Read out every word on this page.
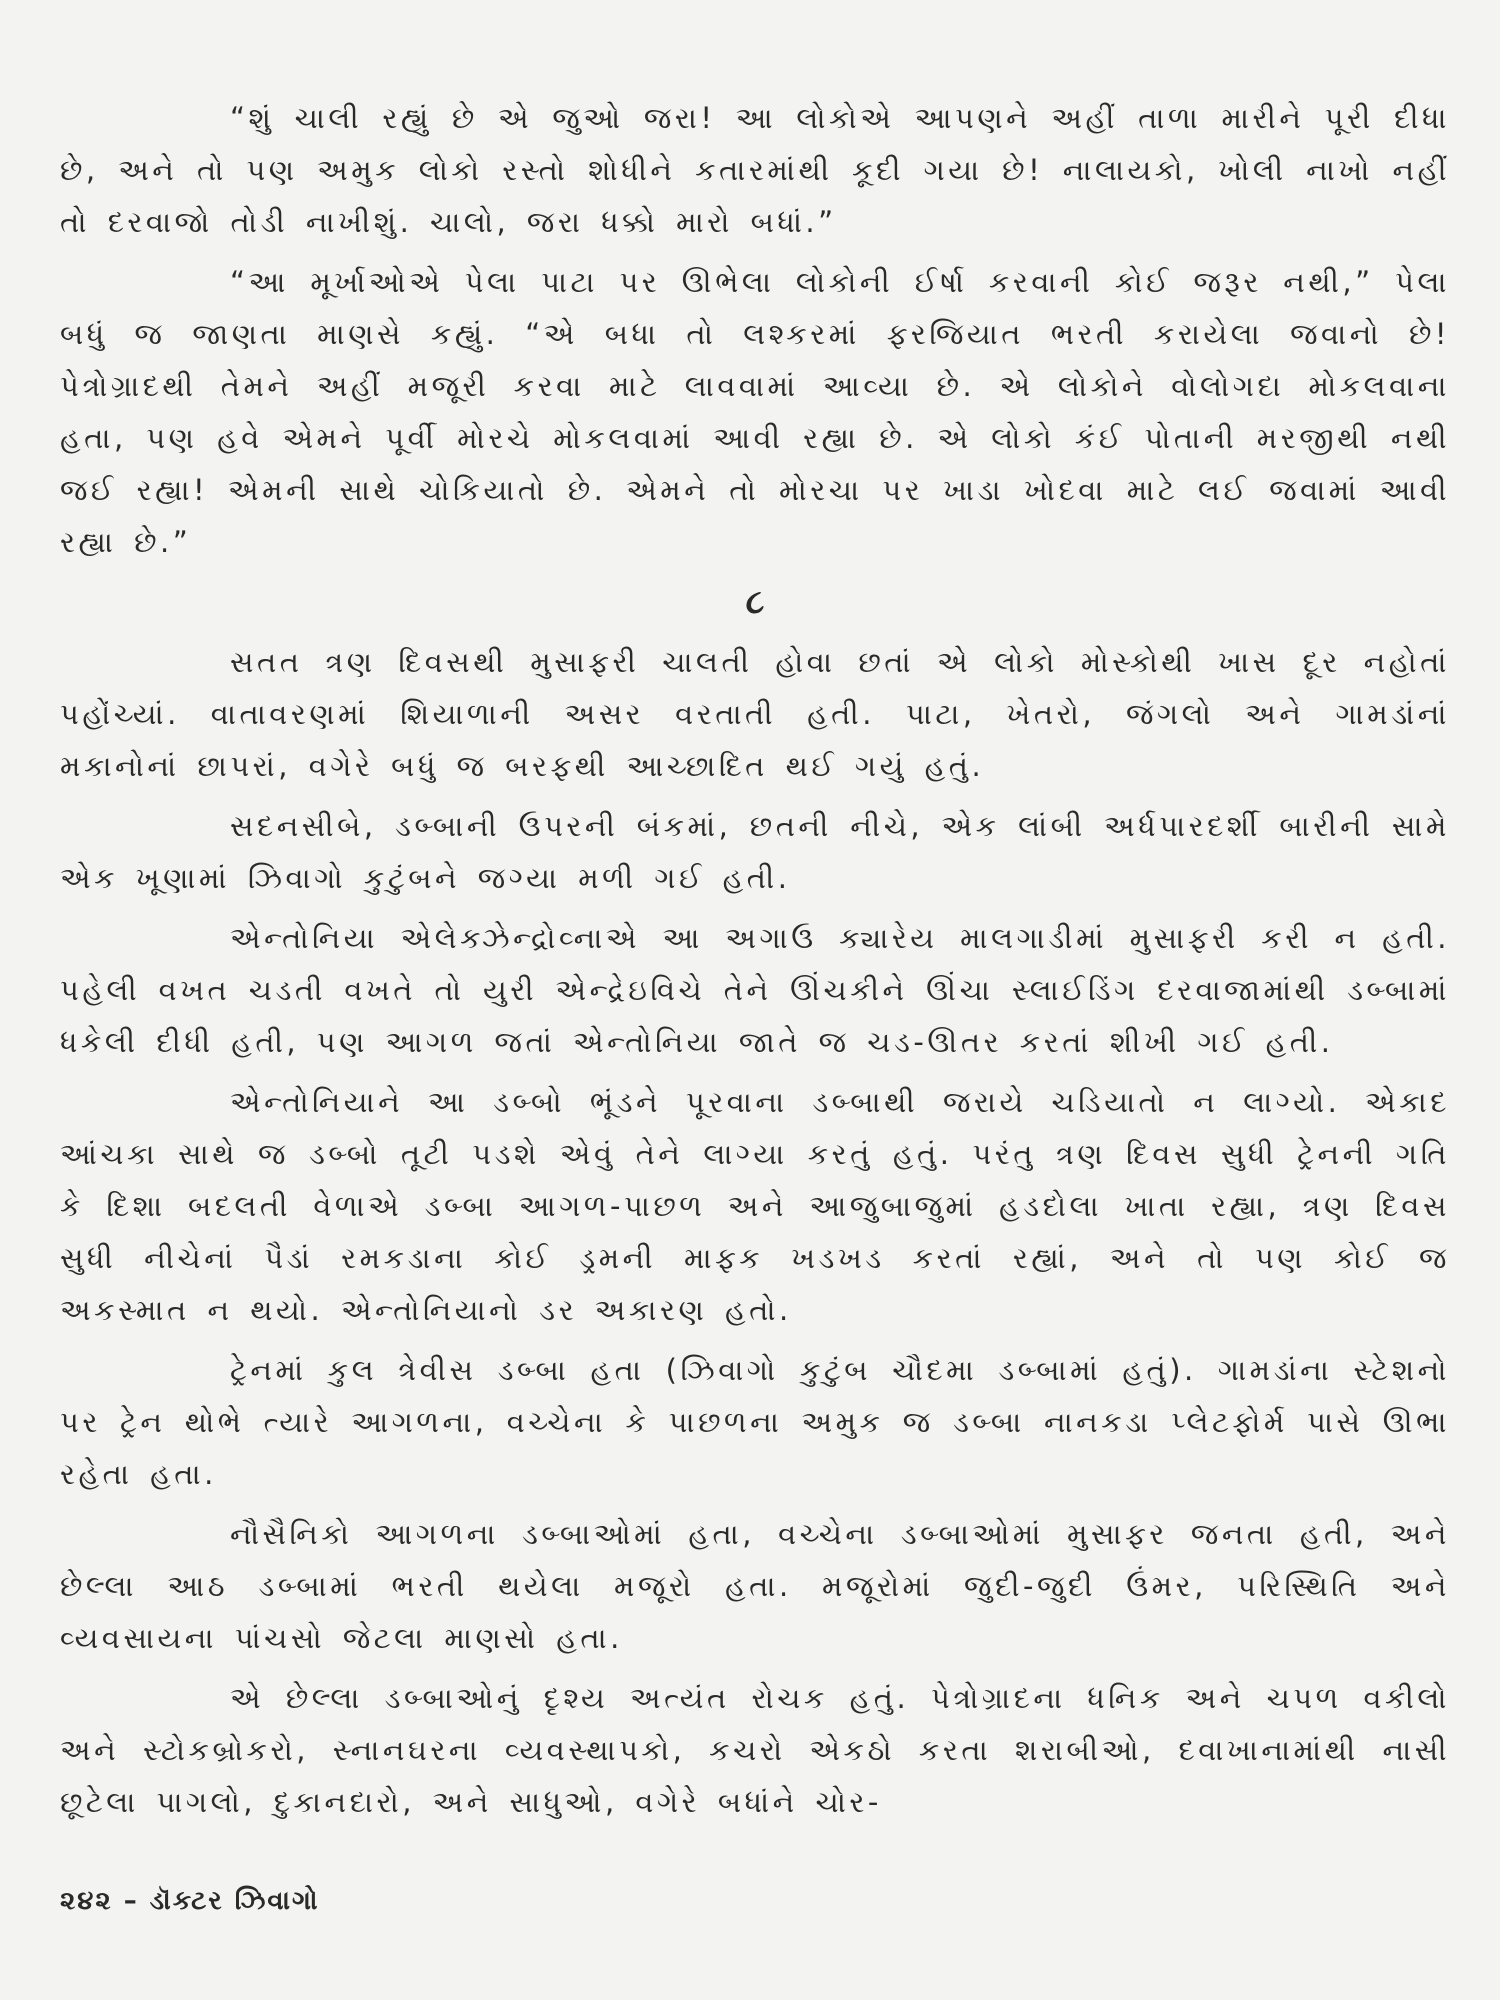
“શું ચાલી રહ્યું છે એ જુઓ જરા! આ લોકોએ આપણને અહીં તાળા મારીને પૂરી દીધા છે, અને તો પણ અમુક લોકો રસ્તો શોધીને કતારમાંથી કૂદી ગયા છે! નાલાયકો, ખોલી નાખો નહીં તો દરવાજો તોડી નાખીશું. ચાલો, જરા ધક્કો મારો બધાં.”

“આ મૂર્ખાઓએ પેલા પાટા પર ઊભેલા લોકોની ઈર્ષા કરવાની કોઈ જરૂર નથી,” પેલા બધું જ જાણતા માણસે કહ્યું. “એ બધા તો લશ્કરમાં ફરજિયાત ભરતી કરાયેલા જવાનો છે! પેત્રોગ્રાદથી તેમને અહીં મજૂરી કરવા માટે લાવવામાં આવ્યા છે. એ લોકોને વોલોગદા મોકલવાના હતા, પણ હવે એમને પૂર્વી મોરચે મોકલવામાં આવી રહ્યા છે. એ લોકો કંઈ પોતાની મરજીથી નથી જઈ રહ્યા! એમની સાથે ચોકિયાતો છે. એમને તો મોરચા પર ખાડા ખોદવા માટે લઈ જવામાં આવી રહ્યા છે.”

૮

સતત ત્રણ દિવસથી મુસાફરી ચાલતી હોવા છતાં એ લોકો મોસ્કોથી ખાસ દૂર નહોતાં પહોંચ્યાં. વાતાવરણમાં શિયાળાની અસર વરતાતી હતી. પાટા, ખેતરો, જંગલો અને ગામડાંનાં મકાનોનાં છાપરાં, વગેરે બધું જ બરફથી આચ્છાદિત થઈ ગયું હતું.

સદનસીબે, ડબ્બાની ઉપરની બંકમાં, છતની નીચે, એક લાંબી અર્ધપારદર્શી બારીની સામે એક ખૂણામાં ઝિવાગો કુટુંબને જગ્યા મળી ગઈ હતી.

એન્તોનિયા એલેક્ઝેન્દ્રોવ્નાએ આ અગાઉ ક્યારેય માલગાડીમાં મુસાફરી કરી ન હતી. પહેલી વખત ચડતી વખતે તો યુરી એન્દ્રેઇવિચે તેને ઊંચકીને ઊંચા સ્લાઈડિંગ દરવાજામાંથી ડબ્બામાં ધકેલી દીધી હતી, પણ આગળ જતાં એન્તોનિયા જાતે જ ચડ-ઊતર કરતાં શીખી ગઈ હતી.

એન્તોનિયાને આ ડબ્બો ભૂંડને પૂરવાના ડબ્બાથી જરાયે ચડિયાતો ન લાગ્યો. એકાદ આંચકા સાથે જ ડબ્બો તૂટી પડશે એવું તેને લાગ્યા કરતું હતું. પરંતુ ત્રણ દિવસ સુધી ટ્રેનની ગતિ કે દિશા બદલતી વેળાએ ડબ્બા આગળ-પાછળ અને આજુબાજુમાં હડદોલા ખાતા રહ્યા, ત્રણ દિવસ સુધી નીચેનાં પૈડાં રમકડાના કોઈ ડ્રમની માફક ખડખડ કરતાં રહ્યાં, અને તો પણ કોઈ જ અકસ્માત ન થયો. એન્તોનિયાનો ડર અકારણ હતો.

ટ્રેનમાં કુલ ત્રેવીસ ડબ્બા હતા (ઝિવાગો કુટુંબ ચૌદમા ડબ્બામાં હતું). ગામડાંના સ્ટેશનો પર ટ્રેન થોભે ત્યારે આગળના, વચ્ચેના કે પાછળના અમુક જ ડબ્બા નાનકડા પ્લેટફોર્મ પાસે ઊભા રહેતા હતા.

નૌસૈનિકો આગળના ડબ્બાઓમાં હતા, વચ્ચેના ડબ્બાઓમાં મુસાફર જનતા હતી, અને છેલ્લા આઠ ડબ્બામાં ભરતી થયેલા મજૂરો હતા. મજૂરોમાં જુદી-જુદી ઉંમર, પરિસ્થિતિ અને વ્યવસાયના પાંચસો જેટલા માણસો હતા.

એ છેલ્લા ડબ્બાઓનું દૃશ્ય અત્યંત રોચક હતું. પેત્રોગ્રાદના ધનિક અને ચપળ વકીલો અને સ્ટોકબ્રોકરો, સ્નાનઘરના વ્યવસ્થાપકો, કચરો એકઠો કરતા શરાબીઓ, દવાખાનામાંથી નાસી છૂટેલા પાગલો, દુકાનદારો, અને સાધુઓ, વગેરે બધાંને ચોર-

૨૪૨ – ડૉક્ટર ઝિવાગો
